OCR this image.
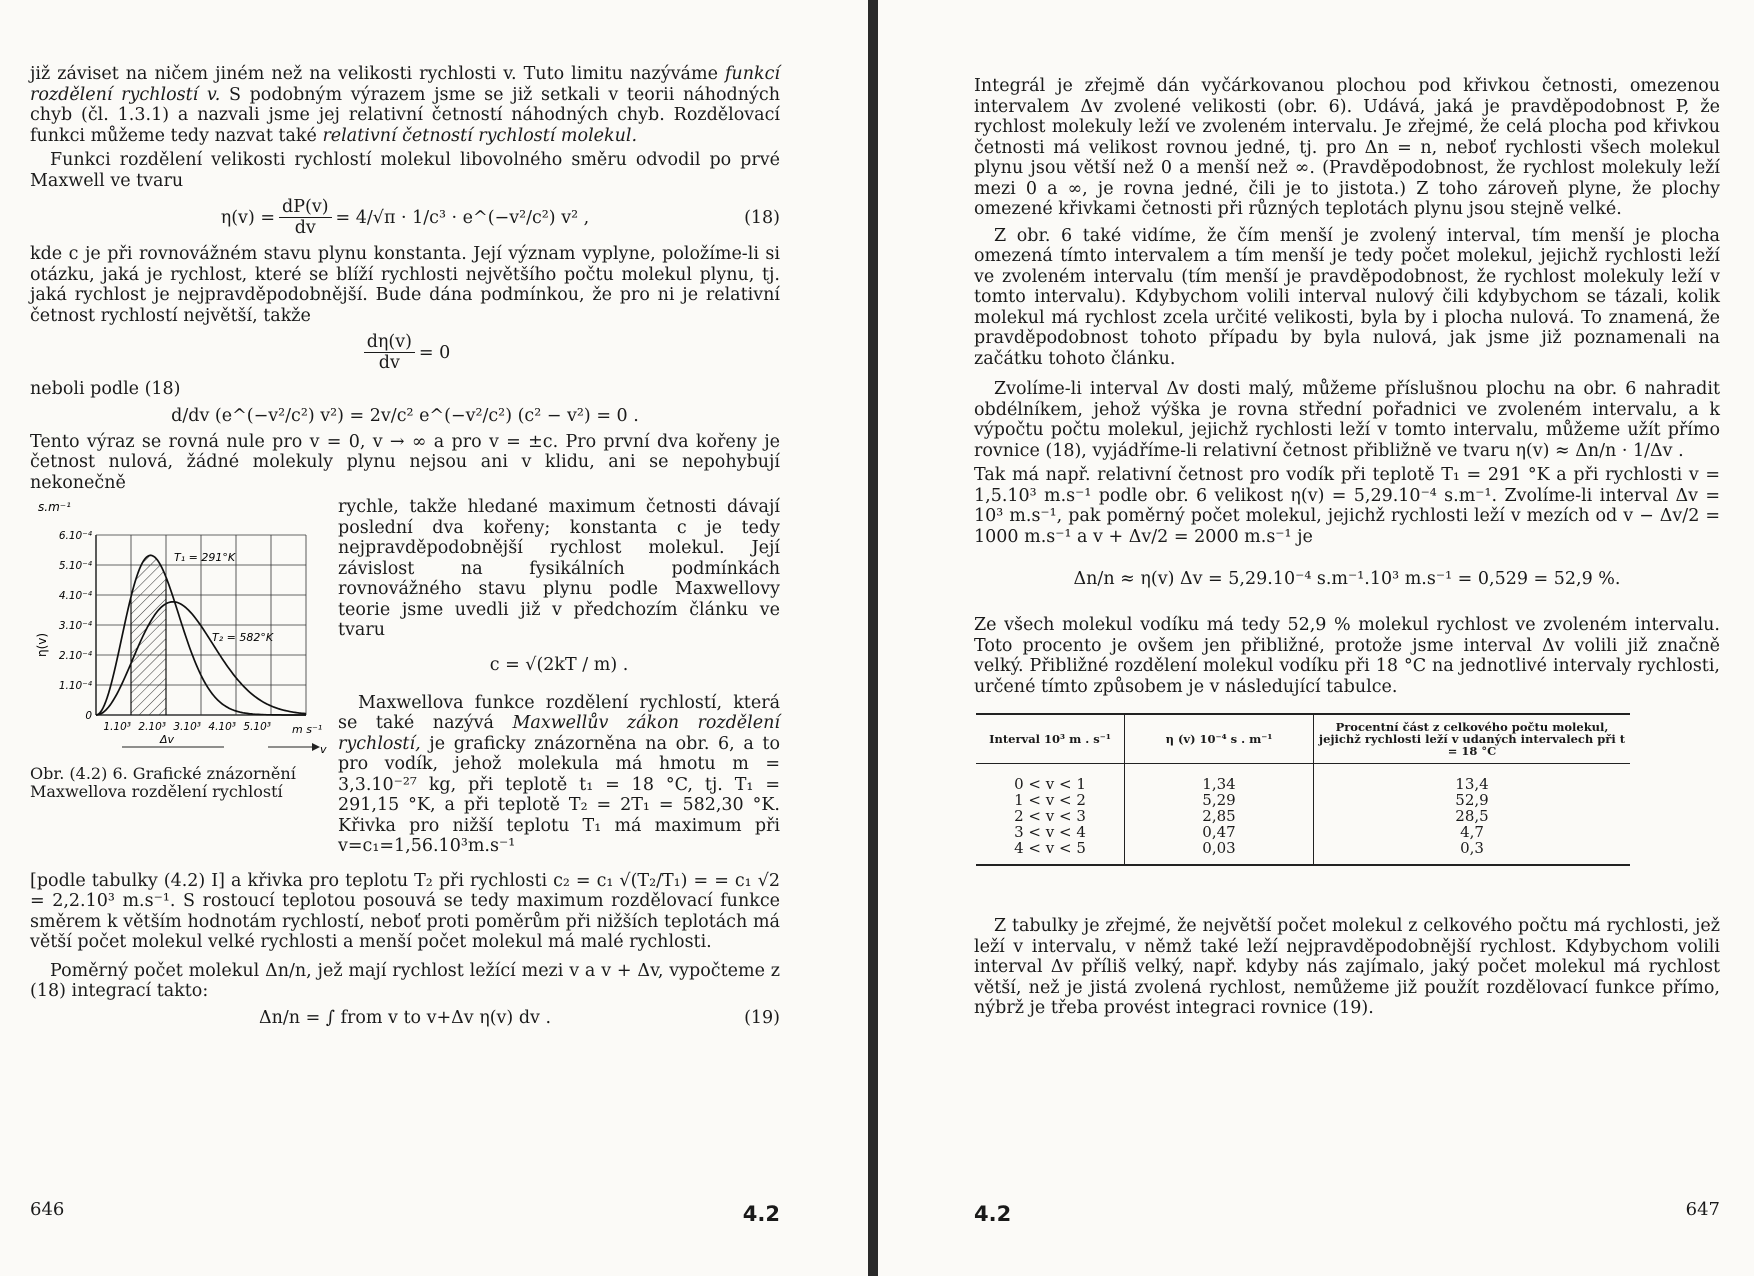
již záviset na ničem jiném než na velikosti rychlosti v. Tuto limitu nazýváme funkcí rozdělení rychlostí v. S podobným výrazem jsme se již setkali v teorii náhodných chyb (čl. 1.3.1) a nazvali jsme jej relativní četností náhodných chyb. Rozdělovací funkci můžeme tedy nazvat také relativní četností rychlostí molekul.

Funkci rozdělení velikosti rychlostí molekul libovolného směru odvodil po prvé Maxwell ve tvaru

$\eta(v) = \frac{dP(v)}{dv} = 4/√\pi \cdot 1/c^3$ · e^(−v²/c²) v² ,	(18)

kde c je při rovnovážném stavu plynu konstanta. Její význam vyplyne, položíme-li si otázku, jaká je rychlost, které se blíží rychlosti největšího počtu molekul plynu, tj. jaká rychlost je nejpravděpodobnější. Bude dána podmínkou, že pro ni je relativní četnost rychlostí největší, takže

$\frac{d\eta(v)}{dv} = 0$

neboli podle (18)

d/dv (e^(−v²/c²) v²) = 2v/c² e^(−v²/c²) (c² − v²) = 0 .

Tento výraz se rovná nule pro v = 0, v → ∞ a pro v = ±c. Pro první dva kořeny je četnost nulová, žádné molekuly plynu nejsou ani v klidu, ani se nepohybují nekonečně

s.m⁻¹
η(v)
6.10⁻⁴
5.10⁻⁴
4.10⁻⁴
3.10⁻⁴
2.10⁻⁴
1.10⁻⁴
0
1.10³ 2.10³ 3.10³ 4.10³ 5.10³
T₁ = 291°K
T₂ = 582°K
m s⁻¹
Δv
v
Obr. (4.2) 6. Grafické znázornění Maxwellova rozdělení rychlostí

rychle, takže hledané maximum četnosti dávají poslední dva kořeny; konstanta c je tedy nejpravděpodobnější rychlost molekul. Její závislost na fysikálních podmínkách rovnovážného stavu plynu podle Maxwellovy teorie jsme uvedli již v předchozím článku ve tvaru

c = √(2kT / m) .

Maxwellova funkce rozdělení rychlostí, která se také nazývá Maxwellův zákon rozdělení rychlostí, je graficky znázorněna na obr. 6, a to pro vodík, jehož molekula má hmotu m = 3,3.10⁻²⁷ kg, při teplotě t₁ = 18 °C, tj. T₁ = 291,15 °K, a při teplotě T₂ = 2T₁ = 582,30 °K. Křivka pro nižší teplotu T₁ má maximum při v=c₁=1,56.10³m.s⁻¹

[podle tabulky (4.2) I] a křivka pro teplotu T₂ při rychlosti c₂ = c₁ √(T₂/T₁) = = c₁ √2 = 2,2.10³ m.s⁻¹. S rostoucí teplotou posouvá se tedy maximum rozdělovací funkce směrem k větším hodnotám rychlostí, neboť proti poměrům při nižších teplotách má větší počet molekul velké rychlosti a menší počet molekul má malé rychlosti.

Poměrný počet molekul Δn/n, jež mají rychlost ležící mezi v a v + Δv, vypočteme z (18) integrací takto:

Δn/n = ∫ from v to v+Δv η(v) dv .	(19)
646	4.2

Integrál je zřejmě dán vyčárkovanou plochou pod křivkou četnosti, omezenou intervalem Δv zvolené velikosti (obr. 6). Udává, jaká je pravděpodobnost P, že rychlost molekuly leží ve zvoleném intervalu. Je zřejmé, že celá plocha pod křivkou četnosti má velikost rovnou jedné, tj. pro Δn = n, neboť rychlosti všech molekul plynu jsou větší než 0 a menší než ∞. (Pravděpodobnost, že rychlost molekuly leží mezi 0 a ∞, je rovna jedné, čili je to jistota.) Z toho zároveň plyne, že plochy omezené křivkami četnosti při různých teplotách plynu jsou stejně velké.

Z obr. 6 také vidíme, že čím menší je zvolený interval, tím menší je plocha omezená tímto intervalem a tím menší je tedy počet molekul, jejichž rychlosti leží ve zvoleném intervalu (tím menší je pravděpodobnost, že rychlost molekuly leží v tomto intervalu). Kdybychom volili interval nulový čili kdybychom se tázali, kolik molekul má rychlost zcela určité velikosti, byla by i plocha nulová. To znamená, že pravděpodobnost tohoto případu by byla nulová, jak jsme již poznamenali na začátku tohoto článku.

Zvolíme-li interval Δv dosti malý, můžeme příslušnou plochu na obr. 6 nahradit obdélníkem, jehož výška je rovna střední pořadnici ve zvoleném intervalu, a k výpočtu počtu molekul, jejichž rychlosti leží v tomto intervalu, můžeme užít přímo rovnice (18), vyjádříme-li relativní četnost přibližně ve tvaru η(v) ≈ Δn/n · 1/Δv .

Tak má např. relativní četnost pro vodík při teplotě T₁ = 291 °K a při rychlosti v = 1,5.10³ m.s⁻¹ podle obr. 6 velikost η(v) = 5,29.10⁻⁴ s.m⁻¹. Zvolíme-li interval Δv = 10³ m.s⁻¹, pak poměrný počet molekul, jejichž rychlosti leží v mezích od v − Δv/2 = 1000 m.s⁻¹ a v + Δv/2 = 2000 m.s⁻¹ je

Δn/n ≈ η(v) Δv = 5,29.10⁻⁴ s.m⁻¹.10³ m.s⁻¹ = 0,529 = 52,9 %.

Ze všech molekul vodíku má tedy 52,9 % molekul rychlost ve zvoleném intervalu. Toto procento je ovšem jen přibližné, protože jsme interval Δv volili již značně velký. Přibližné rozdělení molekul vodíku při 18 °C na jednotlivé intervaly rychlosti, určené tímto způsobem je v následující tabulce.

Interval 10³ m . s⁻¹	η (v) 10⁻⁴ s . m⁻¹	Procentní část z celkového počtu molekul, jejichž rychlosti leží v udaných intervalech při t = 18 °C
0 < v < 1	1,34	13,4
1 < v < 2	5,29	52,9
2 < v < 3	2,85	28,5
3 < v < 4	0,47	4,7
4 < v < 5	0,03	0,3

Z tabulky je zřejmé, že největší počet molekul z celkového počtu má rychlosti, jež leží v intervalu, v němž také leží nejpravděpodobnější rychlost. Kdybychom volili interval Δv příliš velký, např. kdyby nás zajímalo, jaký počet molekul má rychlost větší, než je jistá zvolená rychlost, nemůžeme již použít rozdělovací funkce přímo, nýbrž je třeba provést integraci rovnice (19).

4.2	647
